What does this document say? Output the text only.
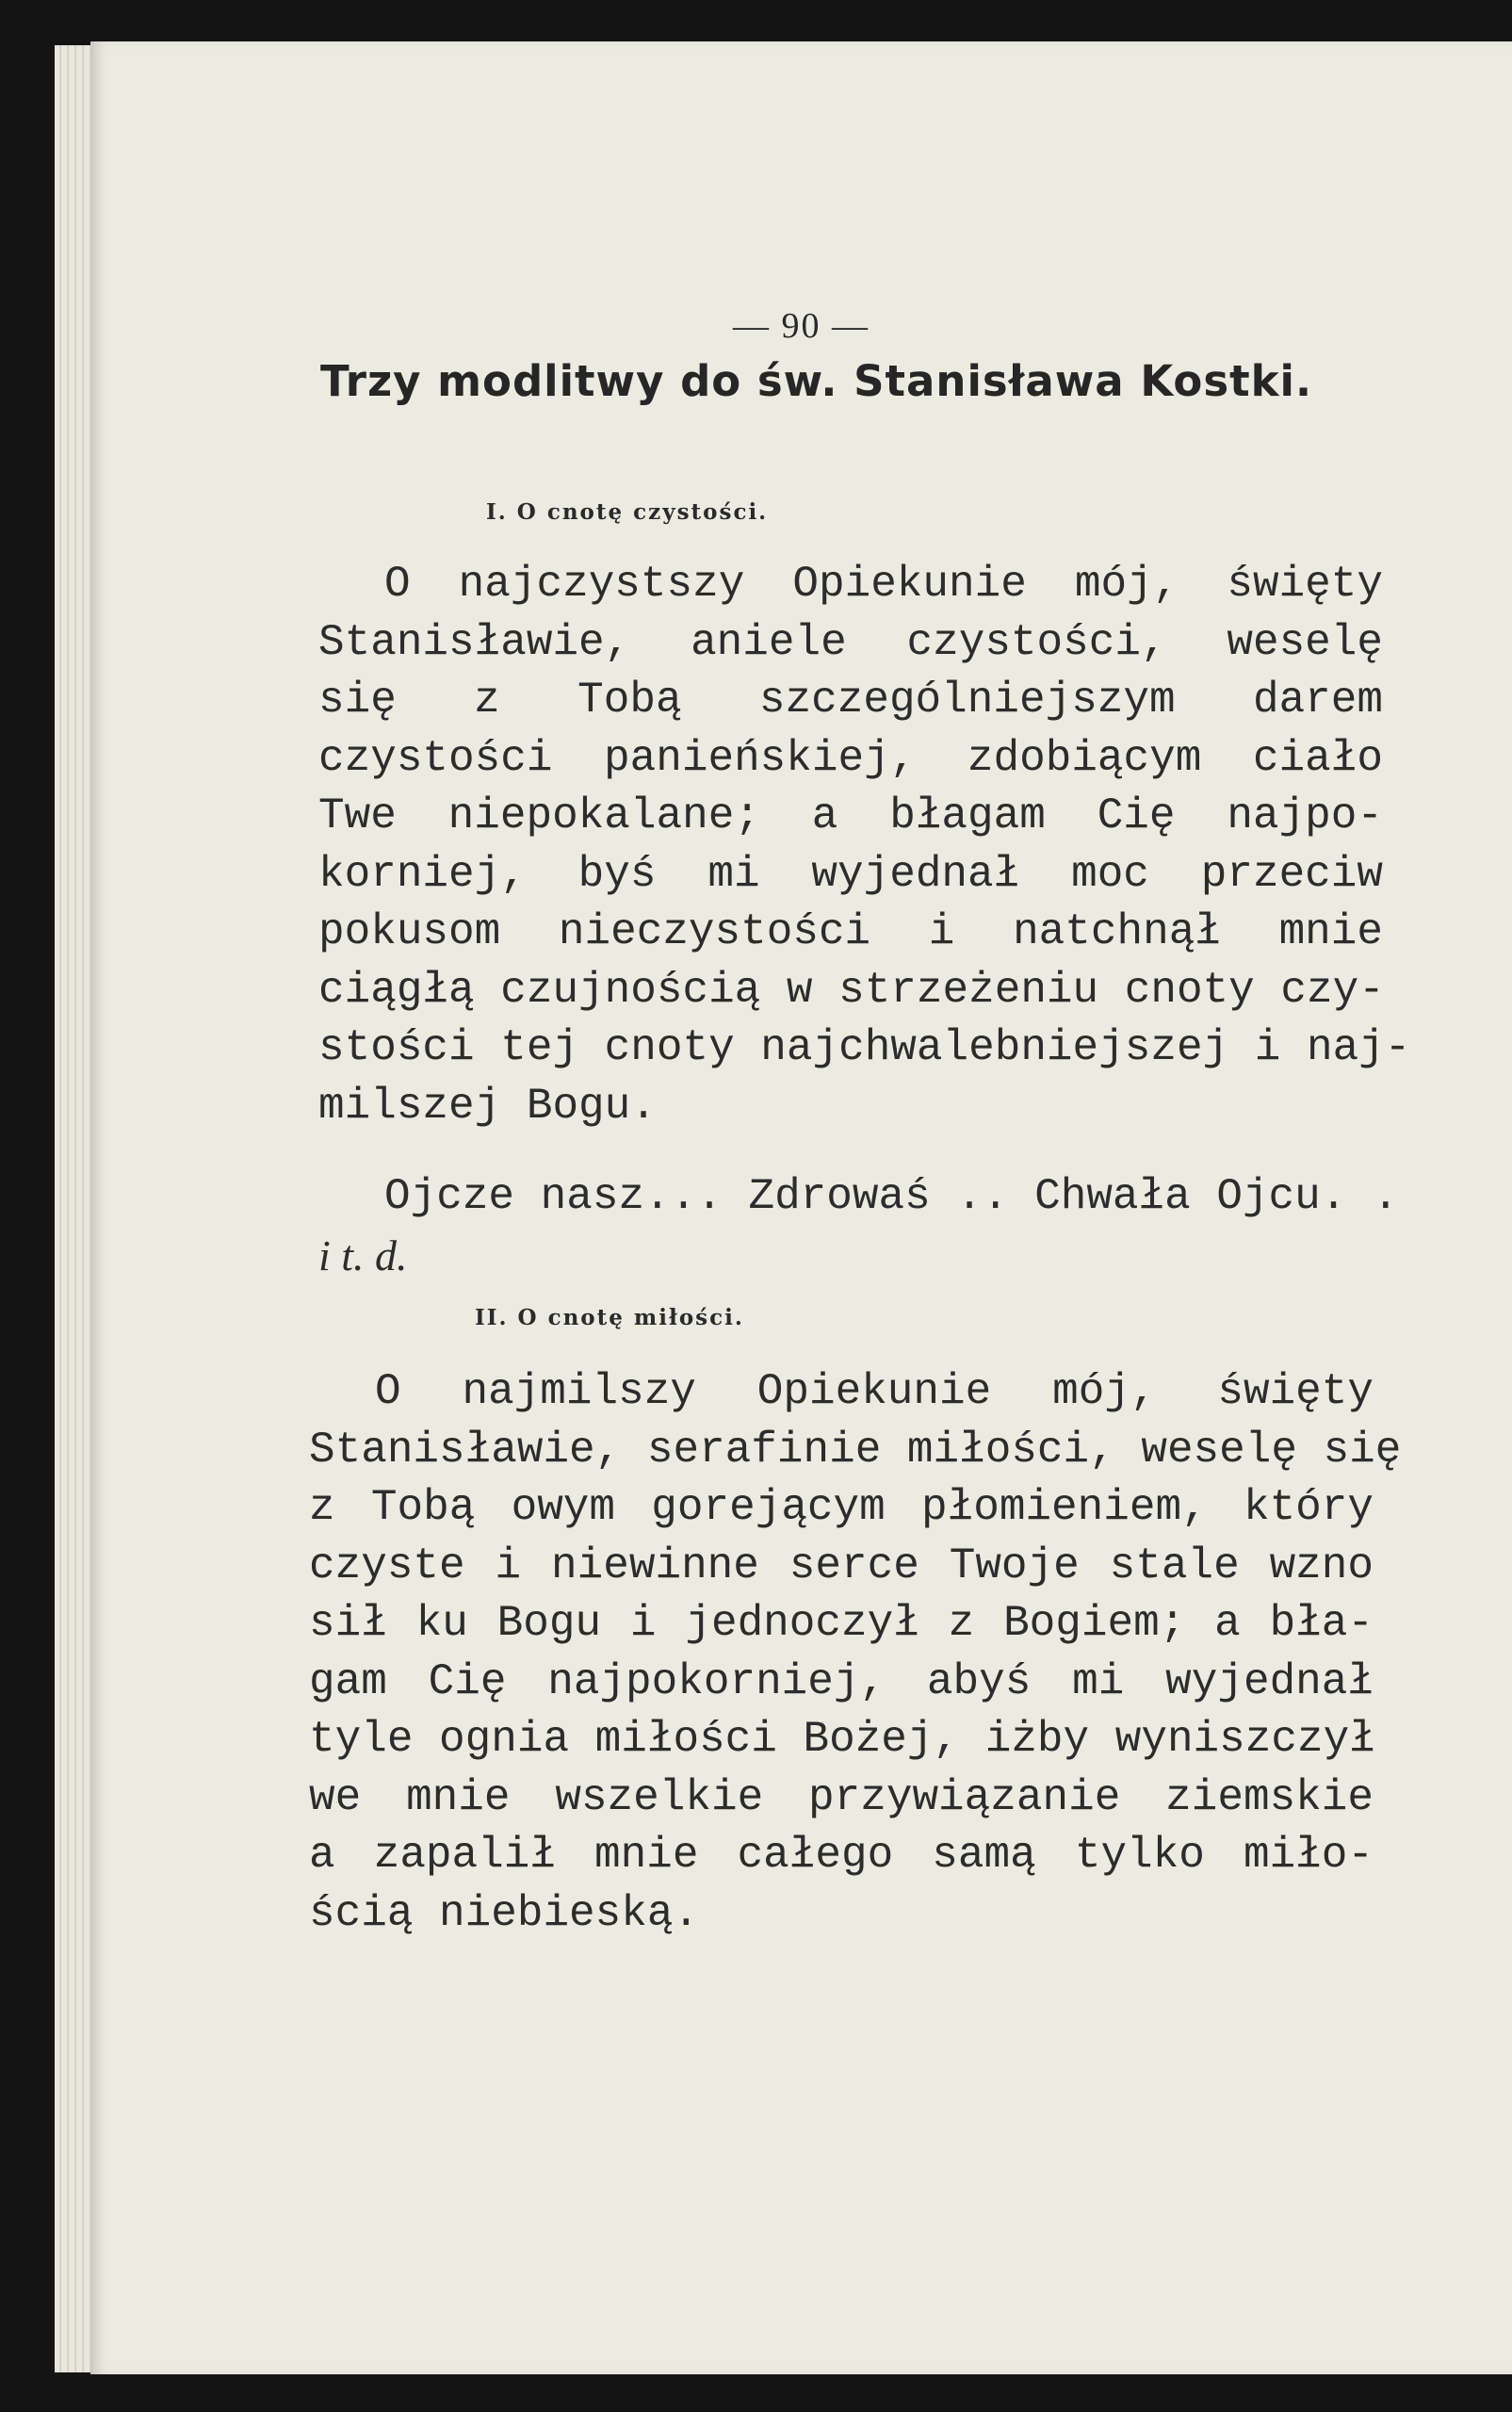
— 90 —
Trzy modlitwy do św. Stanisława Kostki.
I. O cnotę czystości.
O najczystszy Opiekunie mój, święty
Stanisławie, aniele czystości, weselę
się z Tobą szczególniejszym darem
czystości panieńskiej, zdobiącym ciało
Twe niepokalane; a błagam Cię najpo-
korniej, byś mi wyjednał moc przeciw
pokusom nieczystości i natchnął mnie
ciągłą czujnością w strzeżeniu cnoty czy-
stości tej cnoty najchwalebniejszej i naj-
milszej Bogu.
Ojcze nasz... Zdrowaś .. Chwała Ojcu. .
i t. d.
II. O cnotę miłości.
O najmilszy Opiekunie mój, święty
Stanisławie, serafinie miłości, weselę się
z Tobą owym gorejącym płomieniem, który
czyste i niewinne serce Twoje stale wzno
sił ku Bogu i jednoczył z Bogiem; a bła-
gam Cię najpokorniej, abyś mi wyjednał
tyle ognia miłości Bożej, iżby wyniszczył
we mnie wszelkie przywiązanie ziemskie
a zapalił mnie całego samą tylko miło-
ścią niebieską.
